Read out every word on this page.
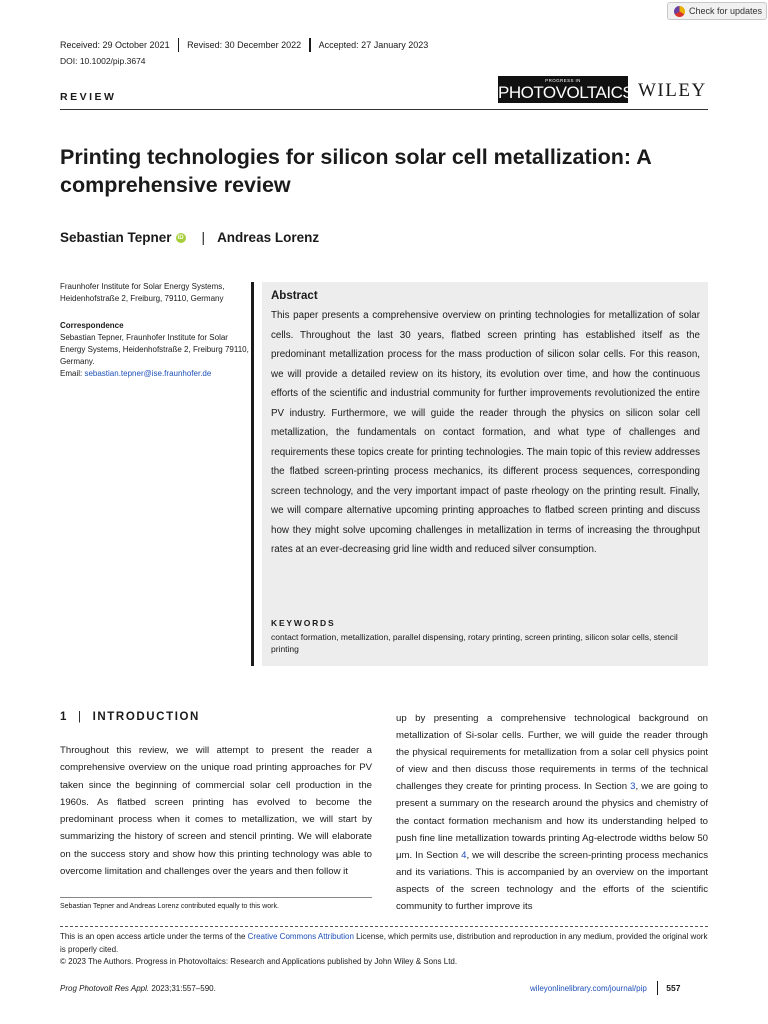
Check for updates
Received: 29 October 2021 Revised: 30 December 2022 Accepted: 27 January 2023
DOI: 10.1002/pip.3674
REVIEW
PROGRESS IN
PHOTOVOLTAICS WILEY
Printing technologies for silicon solar cell metallization: A comprehensive review
Sebastian Tepner	iD | Andreas Lorenz
Fraunhofer Institute for Solar Energy Systems, Heidenhofstraße 2, Freiburg, 79110, Germany
Correspondence
Sebastian Tepner, Fraunhofer Institute for Solar Energy Systems, Heidenhofstraße 2, Freiburg 79110, Germany.
Email: sebastian.tepner@ise.fraunhofer.de
Abstract

This paper presents a comprehensive overview on printing technologies for metallization of solar cells. Throughout the last 30 years, flatbed screen printing has established itself as the predominant metallization process for the mass production of silicon solar cells. For this reason, we will provide a detailed review on its history, its evolution over time, and how the continuous efforts of the scientific and industrial community for further improvements revolutionized the entire PV industry. Furthermore, we will guide the reader through the physics on silicon solar cell metallization, the fundamentals on contact formation, and what type of challenges and requirements these topics create for printing technologies. The main topic of this review addresses the flatbed screen-printing process mechanics, its different process sequences, corresponding screen technology, and the very important impact of paste rheology on the printing result. Finally, we will compare alternative upcoming printing approaches to flatbed screen printing and discuss how they might solve upcoming challenges in metallization in terms of increasing the throughput rates at an ever-decreasing grid line width and reduced silver consumption.

KEYWORDS
contact formation, metallization, parallel dispensing, rotary printing, screen printing, silicon solar cells, stencil printing
1 | INTRODUCTION

Throughout this review, we will attempt to present the reader a comprehensive overview on the unique road printing approaches for PV taken since the beginning of commercial solar cell production in the 1960s. As flatbed screen printing has evolved to become the predominant process when it comes to metallization, we will start by summarizing the history of screen and stencil printing. We will elaborate on the success story and show how this printing technology was able to overcome limitation and challenges over the years and then follow it

up by presenting a comprehensive technological background on metallization of Si-solar cells. Further, we will guide the reader through the physical requirements for metallization from a solar cell physics point of view and then discuss those requirements in terms of the technical challenges they create for printing process. In Section 3, we are going to present a summary on the research around the physics and chemistry of the contact formation mechanism and how its understanding helped to push fine line metallization towards printing Ag-electrode widths below 50 μm. In Section 4, we will describe the screen-printing process mechanics and its variations. This is accompanied by an overview on the important aspects of the screen technology and the efforts of the scientific community to further improve its

Sebastian Tepner and Andreas Lorenz contributed equally to this work.
This is an open access article under the terms of the Creative Commons Attribution License, which permits use, distribution and reproduction in any medium, provided the original work is properly cited.
© 2023 The Authors. Progress in Photovoltaics: Research and Applications published by John Wiley & Sons Ltd.
Prog Photovolt Res Appl. 2023;31:557–590.	wileyonlinelibrary.com/journal/pip 557
